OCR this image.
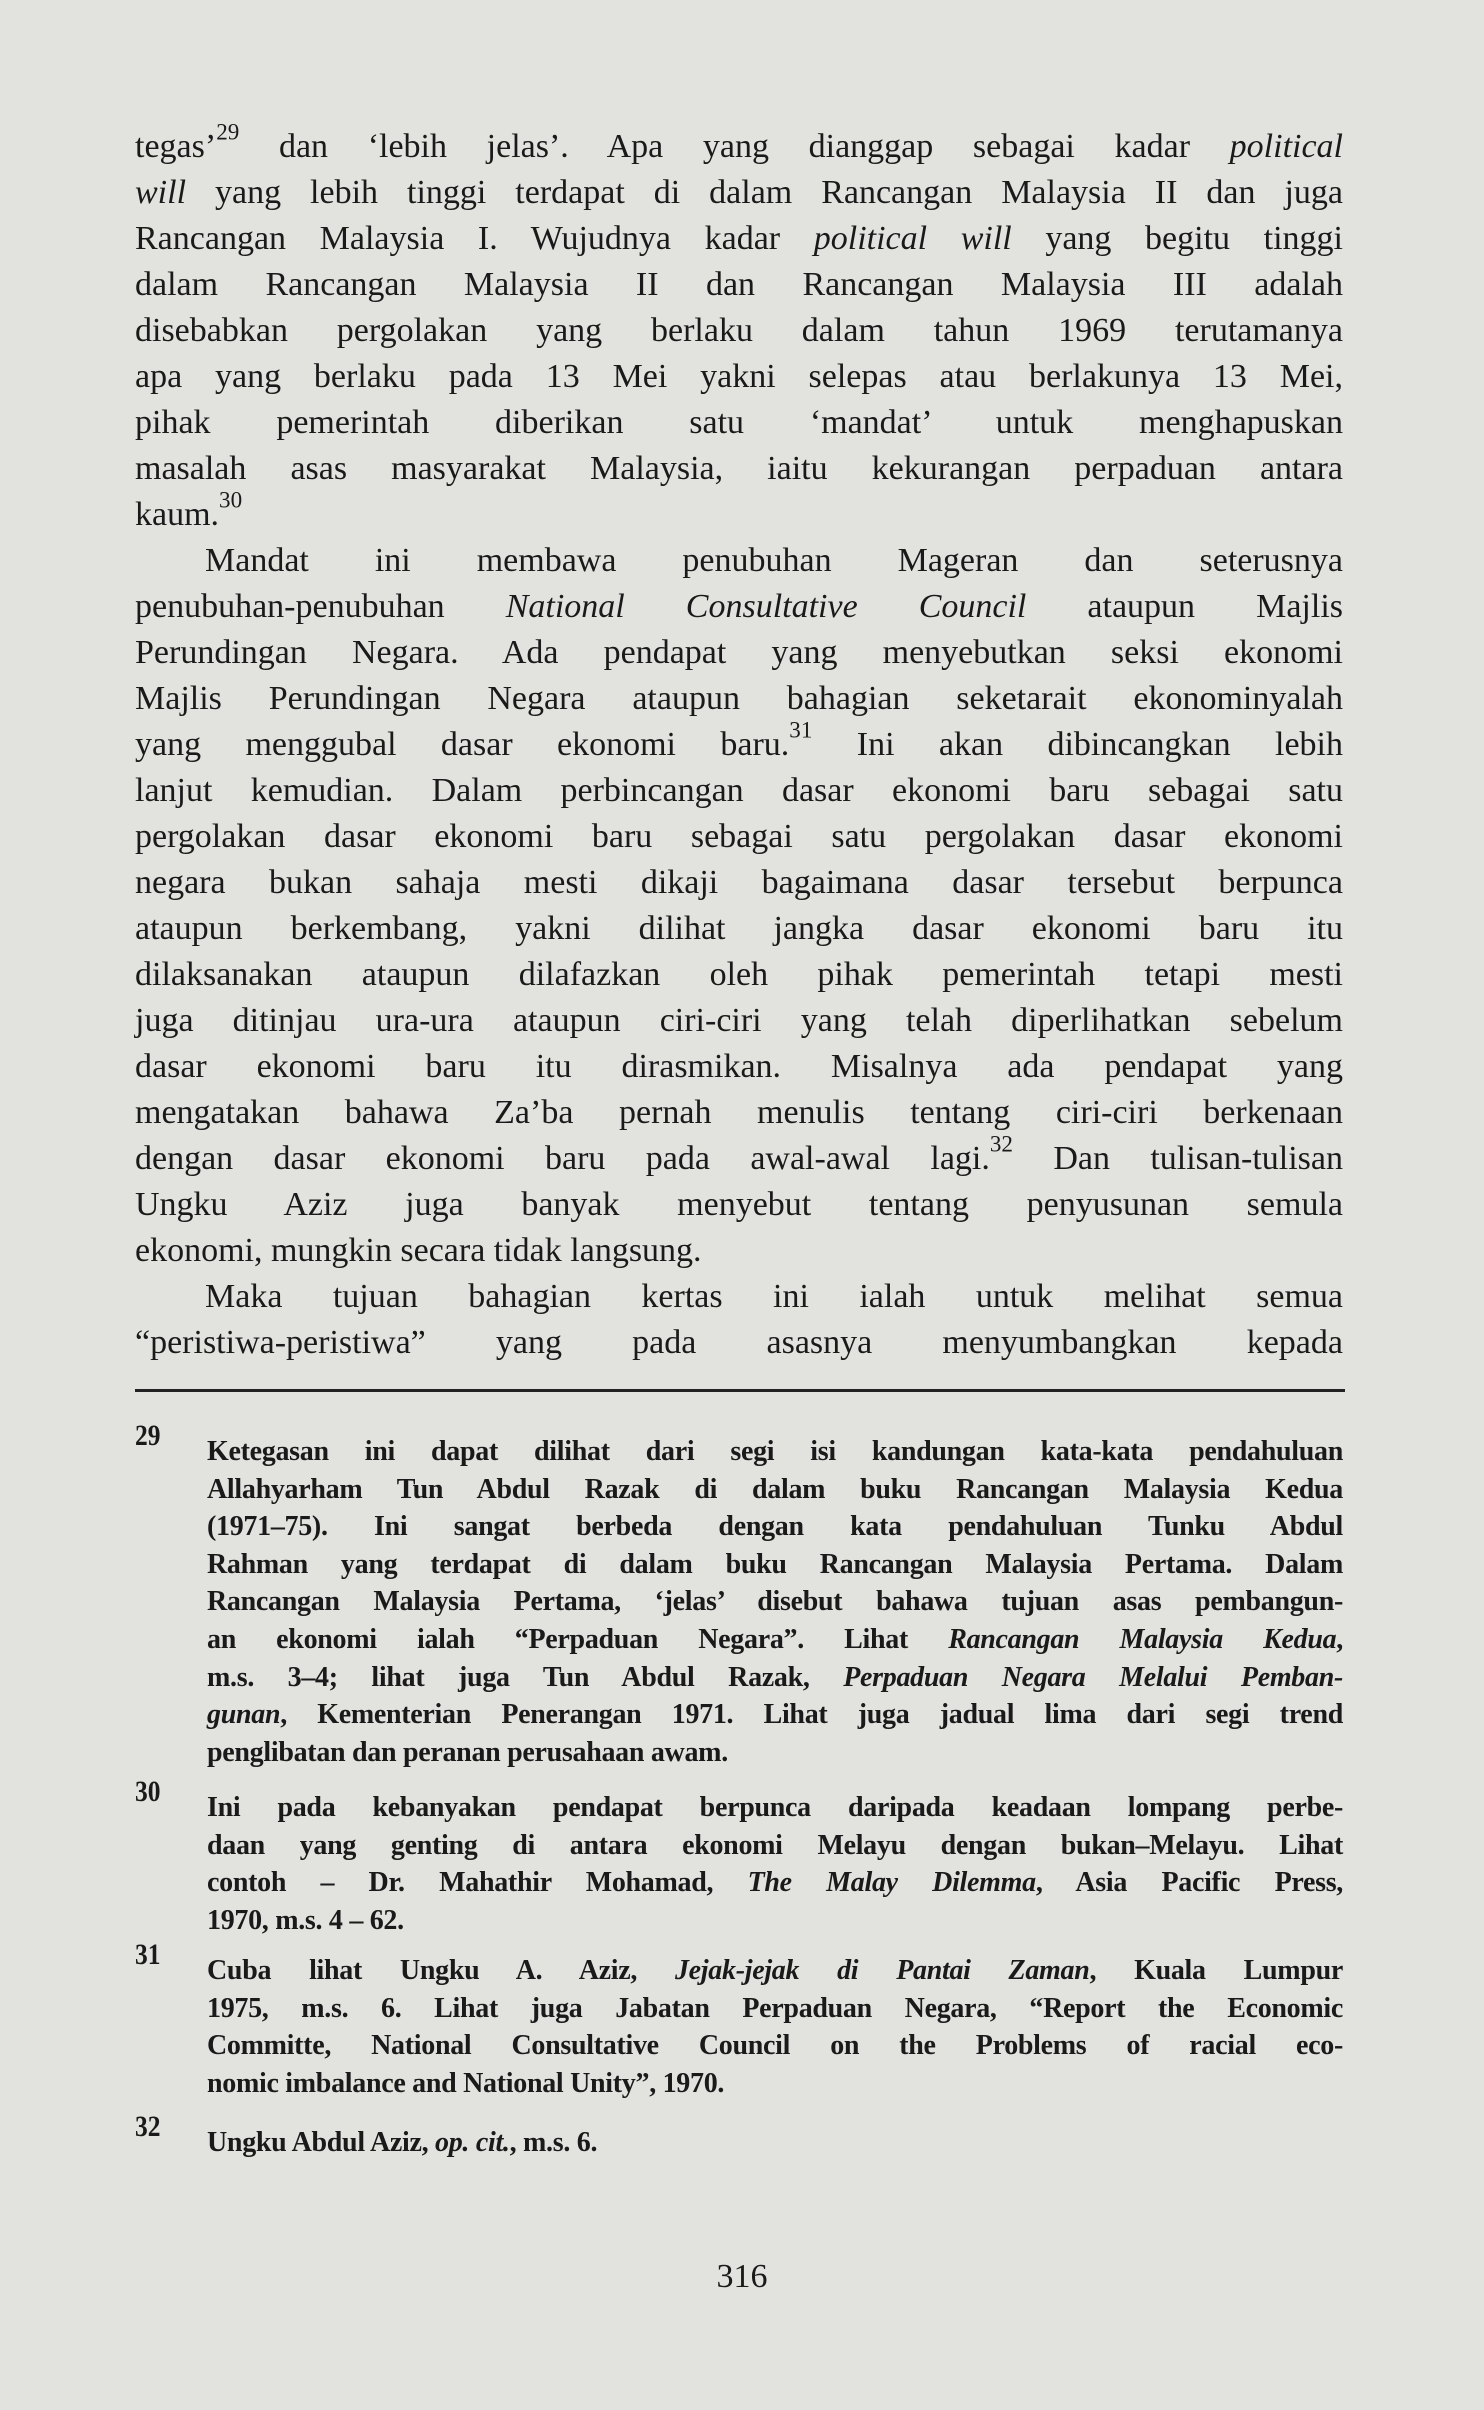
tegas’$^{29}$ dan ‘lebih jelas’. Apa yang dianggap sebagai kadar political
will yang lebih tinggi terdapat di dalam Rancangan Malaysia II dan juga
Rancangan Malaysia I. Wujudnya kadar political will yang begitu tinggi
dalam Rancangan Malaysia II dan Rancangan Malaysia III adalah
disebabkan pergolakan yang berlaku dalam tahun 1969 terutamanya
apa yang berlaku pada 13 Mei yakni selepas atau berlakunya 13 Mei,
pihak pemerintah diberikan satu ‘mandat’ untuk menghapuskan
masalah asas masyarakat Malaysia, iaitu kekurangan perpaduan antara
kaum.$^{30}$
Mandat ini membawa penubuhan Mageran dan seterusnya
penubuhan-penubuhan National Consultative Council ataupun Majlis
Perundingan Negara. Ada pendapat yang menyebutkan seksi ekonomi
Majlis Perundingan Negara ataupun bahagian seketarait ekonominyalah
yang menggubal dasar ekonomi baru.$^{31}$ Ini akan dibincangkan lebih
lanjut kemudian. Dalam perbincangan dasar ekonomi baru sebagai satu
pergolakan dasar ekonomi baru sebagai satu pergolakan dasar ekonomi
negara bukan sahaja mesti dikaji bagaimana dasar tersebut berpunca
ataupun berkembang, yakni dilihat jangka dasar ekonomi baru itu
dilaksanakan ataupun dilafazkan oleh pihak pemerintah tetapi mesti
juga ditinjau ura-ura ataupun ciri-ciri yang telah diperlihatkan sebelum
dasar ekonomi baru itu dirasmikan. Misalnya ada pendapat yang
mengatakan bahawa Za’ba pernah menulis tentang ciri-ciri berkenaan
dengan dasar ekonomi baru pada awal-awal lagi.$^{32}$ Dan tulisan-tulisan
Ungku Aziz juga banyak menyebut tentang penyusunan semula
ekonomi, mungkin secara tidak langsung.
Maka tujuan bahagian kertas ini ialah untuk melihat semua
“peristiwa-peristiwa” yang pada asasnya menyumbangkan kepada
29 Ketegasan ini dapat dilihat dari segi isi kandungan kata-kata pendahuluan
Allahyarham Tun Abdul Razak di dalam buku Rancangan Malaysia Kedua
(1971–75). Ini sangat berbeda dengan kata pendahuluan Tunku Abdul
Rahman yang terdapat di dalam buku Rancangan Malaysia Pertama. Dalam
Rancangan Malaysia Pertama, ‘jelas’ disebut bahawa tujuan asas pembangun-
an ekonomi ialah “Perpaduan Negara”. Lihat Rancangan Malaysia Kedua,
m.s. 3–4; lihat juga Tun Abdul Razak, Perpaduan Negara Melalui Pemban-
gunan, Kementerian Penerangan 1971. Lihat juga jadual lima dari segi trend
penglibatan dan peranan perusahaan awam.
30 Ini pada kebanyakan pendapat berpunca daripada keadaan lompang perbe-
daan yang genting di antara ekonomi Melayu dengan bukan–Melayu. Lihat
contoh – Dr. Mahathir Mohamad, The Malay Dilemma, Asia Pacific Press,
1970, m.s. 4 – 62.
31 Cuba lihat Ungku A. Aziz, Jejak-jejak di Pantai Zaman, Kuala Lumpur
1975, m.s. 6. Lihat juga Jabatan Perpaduan Negara, “Report the Economic
Committe, National Consultative Council on the Problems of racial eco-
nomic imbalance and National Unity”, 1970.
32 Ungku Abdul Aziz, op. cit., m.s. 6.
316
